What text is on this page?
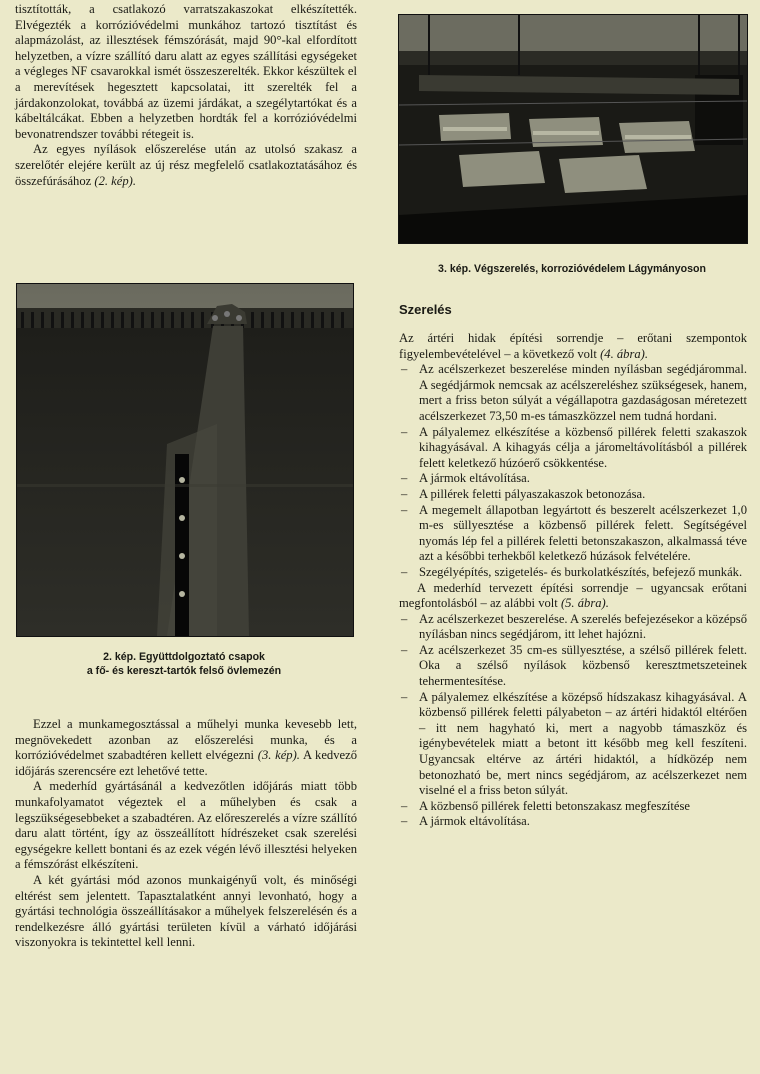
tisztították, a csatlakozó varratszakaszokat elkészítették. Elvégezték a korrózióvédelmi munkához tartozó tisztítást és alapmázolást, az illesztések fémszórását, majd 90°-kal elfordított helyzetben, a vízre szállító daru alatt az egyes szállítási egységeket a végleges NF csavarokkal ismét összeszerelték. Ekkor készültek el a merevítések hegesztett kapcsolatai, itt szerelték fel a járdakonzolokat, továbbá az üzemi járdákat, a szegélytartókat és a kábeltálcákat. Ebben a helyzetben hordták fel a korrózióvédelmi bevonatrendszer további rétegeit is.

Az egyes nyílások előszerelése után az utolsó szakasz a szerelőtér elejére került az új rész megfelelő csatlakoztatásához és összefúrásához (2. kép).

2. kép. Együttdolgoztató csapok
a fő- és kereszt-tartók felső övlemezén

Ezzel a munkamegosztással a műhelyi munka kevesebb lett, megnövekedett azonban az előszerelési munka, és a korrózióvédelmet szabadtéren kellett elvégezni (3. kép). A kedvező időjárás szerencsére ezt lehetővé tette.

A mederhíd gyártásánál a kedvezőtlen időjárás miatt több munkafolyamatot végeztek el a műhelyben és csak a legszükségesebbeket a szabadtéren. Az előreszerelés a vízre szállító daru alatt történt, így az összeállított hídrészeket csak szerelési egységekre kellett bontani és az ezek végén lévő illesztési helyeken a fémszórást elkészíteni.

A két gyártási mód azonos munkaigényű volt, és minőségi eltérést sem jelentett. Tapasztalatként annyi levonható, hogy a gyártási technológia összeállításakor a műhelyek felszerelésén és a rendelkezésre álló gyártási területen kívül a várható időjárási viszonyokra is tekintettel kell lenni.

3. kép. Végszerelés, korrozióvédelem Lágymányoson
Szerelés

Az ártéri hidak építési sorrendje – erőtani szempontok figyelembevételével – a következő volt (4. ábra).

– Az acélszerkezet beszerelése minden nyílásban segédjárommal. A segédjármok nemcsak az acélszereléshez szükségesek, hanem, mert a friss beton súlyát a végállapotra gazdaságosan méretezett acélszerkezet 73,50 m-es támaszközzel nem tudná hordani.
– A pályalemez elkészítése a közbenső pillérek feletti szakaszok kihagyásával. A kihagyás célja a járomeltávolításból a pillérek felett keletkező húzóerő csökkentése.
– A jármok eltávolítása.
– A pillérek feletti pályaszakaszok betonozása.
– A megemelt állapotban legyártott és beszerelt acélszerkezet 1,0 m-es süllyesztése a közbenső pillérek felett. Segítségével nyomás lép fel a pillérek feletti betonszakaszon, alkalmassá téve azt a későbbi terhekből keletkező húzások felvételére.
– Szegélyépítés, szigetelés- és burkolatkészítés, befejező munkák.

A mederhíd tervezett építési sorrendje – ugyancsak erőtani megfontolásból – az alábbi volt (5. ábra).

– Az acélszerkezet beszerelése. A szerelés befejezésekor a középső nyílásban nincs segédjárom, itt lehet hajózni.
– Az acélszerkezet 35 cm-es süllyesztése, a szélső pillérek felett. Oka a szélső nyílások közbenső keresztmetszeteinek tehermentesítése.
– A pályalemez elkészítése a középső hídszakasz kihagyásával. A közbenső pillérek feletti pályabeton – az ártéri hidaktól eltérően – itt nem hagyható ki, mert a nagyobb támaszköz és igénybevételek miatt a betont itt később meg kell feszíteni. Ugyancsak eltérve az ártéri hidaktól, a hídközép nem betonozható be, mert nincs segédjárom, az acélszerkezet nem viselné el a friss beton súlyát.
– A közbenső pillérek feletti betonszakasz megfeszítése
– A jármok eltávolítása.
